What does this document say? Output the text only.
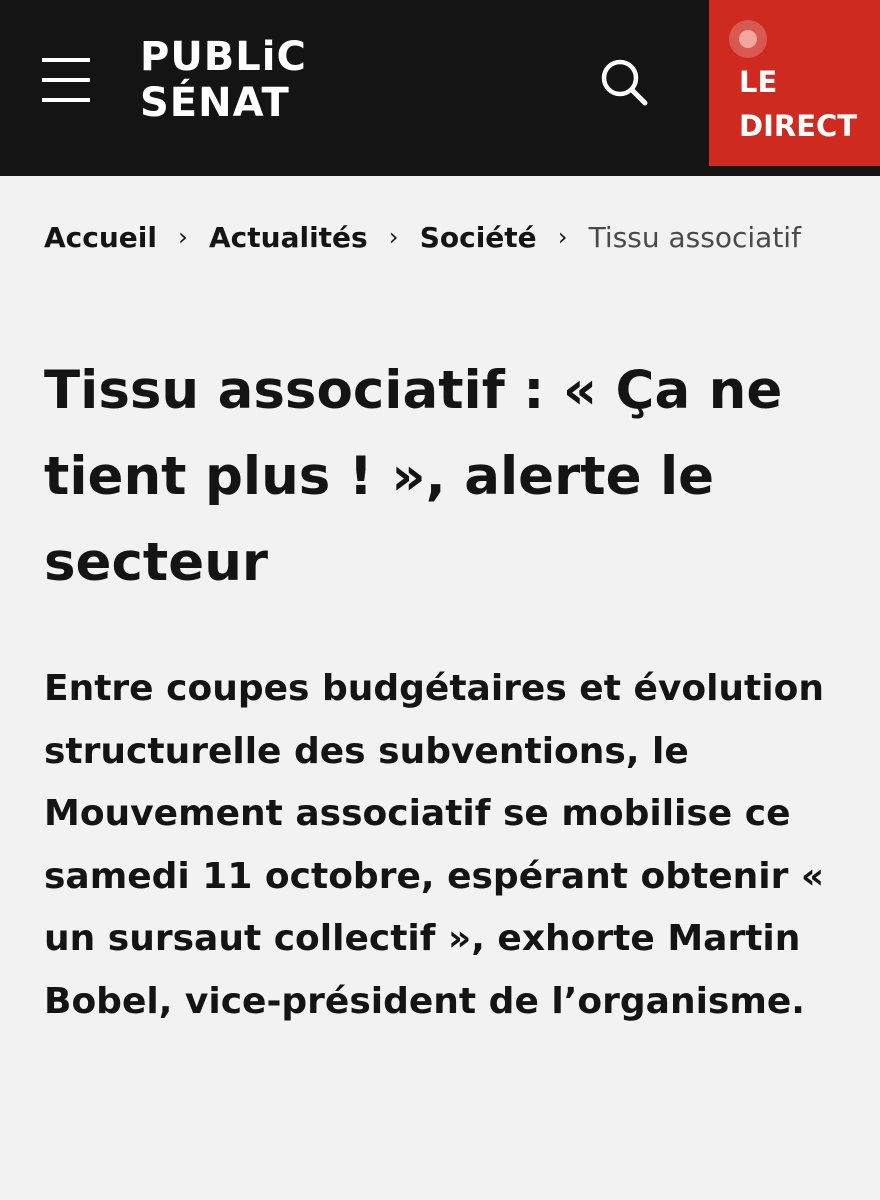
PUBLiC
SÉNAT	LE
DIRECT
Accueil › Actualités › Société › Tissu associatif
Tissu associatif : « Ça ne tient plus ! », alerte le secteur

Entre coupes budgétaires et évolution structurelle des subventions, le Mouvement associatif se mobilise ce samedi 11 octobre, espérant obtenir « un sursaut collectif », exhorte Martin Bobel, vice-président de l’organisme.
